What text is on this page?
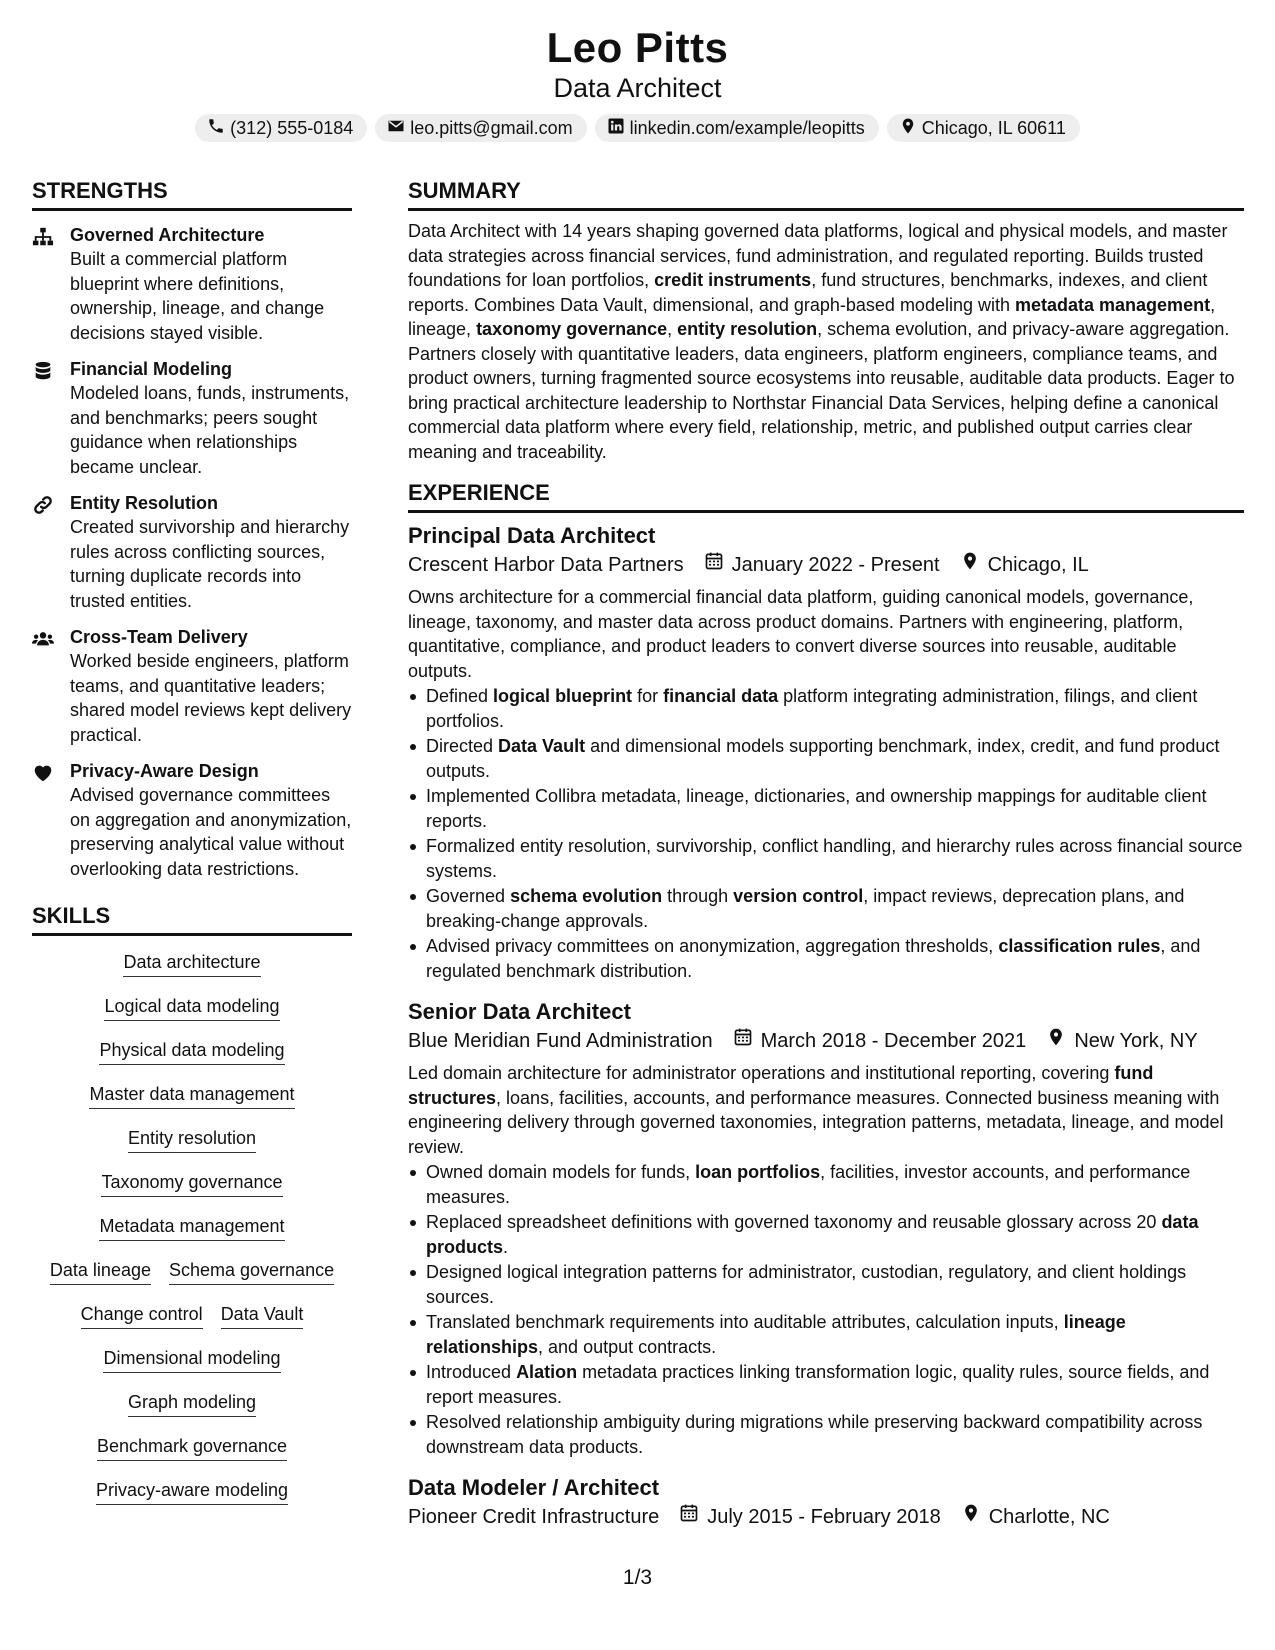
Leo Pitts
Data Architect
(312) 555-0184	leo.pitts@gmail.com	linkedin.com/example/leopitts	Chicago, IL 60611
STRENGTHS
Governed Architecture
Built a commercial platform blueprint where definitions, ownership, lineage, and change decisions stayed visible.
Financial Modeling
Modeled loans, funds, instruments, and benchmarks; peers sought guidance when relationships became unclear.
Entity Resolution
Created survivorship and hierarchy rules across conflicting sources, turning duplicate records into trusted entities.
Cross-Team Delivery
Worked beside engineers, platform teams, and quantitative leaders; shared model reviews kept delivery practical.
Privacy-Aware Design
Advised governance committees on aggregation and anonymization, preserving analytical value without overlooking data restrictions.
SKILLS
Data architecture
Logical data modeling
Physical data modeling
Master data management
Entity resolution
Taxonomy governance
Metadata management
Data lineage Schema governance
Change control Data Vault
Dimensional modeling
Graph modeling
Benchmark governance
Privacy-aware modeling
SUMMARY
Data Architect with 14 years shaping governed data platforms, logical and physical models, and master data strategies across financial services, fund administration, and regulated reporting. Builds trusted foundations for loan portfolios, credit instruments, fund structures, benchmarks, indexes, and client reports. Combines Data Vault, dimensional, and graph-based modeling with metadata management, lineage, taxonomy governance, entity resolution, schema evolution, and privacy-aware aggregation. Partners closely with quantitative leaders, data engineers, platform engineers, compliance teams, and product owners, turning fragmented source ecosystems into reusable, auditable data products. Eager to bring practical architecture leadership to Northstar Financial Data Services, helping define a canonical commercial data platform where every field, relationship, metric, and published output carries clear meaning and traceability.
EXPERIENCE
Principal Data Architect
Crescent Harbor Data Partners January 2022 - Present Chicago, IL
Owns architecture for a commercial financial data platform, guiding canonical models, governance, lineage, taxonomy, and master data across product domains. Partners with engineering, platform, quantitative, compliance, and product leaders to convert diverse sources into reusable, auditable outputs.
Defined logical blueprint for financial data platform integrating administration, filings, and client portfolios.
Directed Data Vault and dimensional models supporting benchmark, index, credit, and fund product outputs.
Implemented Collibra metadata, lineage, dictionaries, and ownership mappings for auditable client reports.
Formalized entity resolution, survivorship, conflict handling, and hierarchy rules across financial source systems.
Governed schema evolution through version control, impact reviews, deprecation plans, and breaking-change approvals.
Advised privacy committees on anonymization, aggregation thresholds, classification rules, and regulated benchmark distribution.
Senior Data Architect
Blue Meridian Fund Administration March 2018 - December 2021 New York, NY
Led domain architecture for administrator operations and institutional reporting, covering fund structures, loans, facilities, accounts, and performance measures. Connected business meaning with engineering delivery through governed taxonomies, integration patterns, metadata, lineage, and model review.
Owned domain models for funds, loan portfolios, facilities, investor accounts, and performance measures.
Replaced spreadsheet definitions with governed taxonomy and reusable glossary across 20 data products.
Designed logical integration patterns for administrator, custodian, regulatory, and client holdings sources.
Translated benchmark requirements into auditable attributes, calculation inputs, lineage relationships, and output contracts.
Introduced Alation metadata practices linking transformation logic, quality rules, source fields, and report measures.
Resolved relationship ambiguity during migrations while preserving backward compatibility across downstream data products.
Data Modeler / Architect
Pioneer Credit Infrastructure July 2015 - February 2018 Charlotte, NC
1/3
